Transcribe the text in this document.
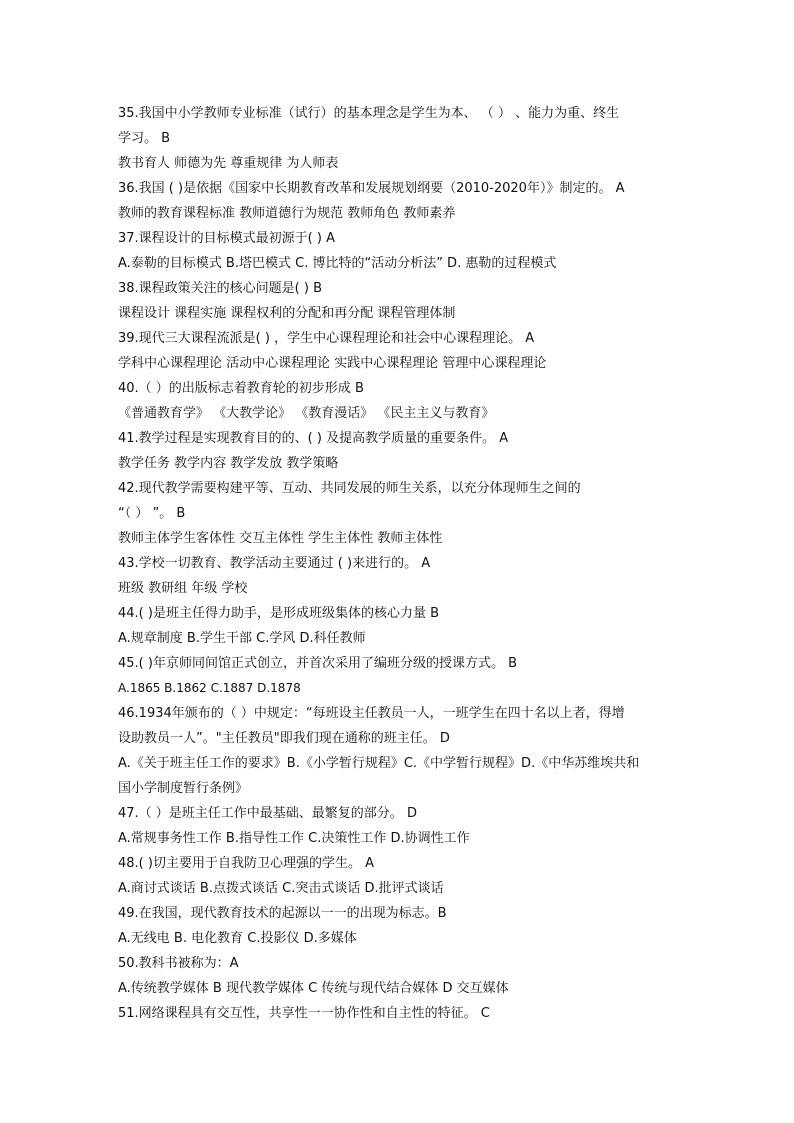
35.我国中小学教师专业标准（试行）的基本理念是学生为本、 （ ） 、能力为重、终生
学习。 B
教书育人 师德为先 尊重规律 为人师表
36.我国 ( )是依据《国家中长期教育改革和发展规划纲要（2010-2020年）》制定的。 A
教师的教育课程标准 教师道德行为规范 教师角色 教师素养
37.课程设计的目标模式最初源于( ) A
A.泰勒的目标模式 B.塔巴模式 C. 博比特的“活动分析法” D. 惠勒的过程模式
38.课程政策关注的核心问题是( ) B
课程设计 课程实施 课程权利的分配和再分配 课程管理体制
39.现代三大课程流派是( ) ，学生中心课程理论和社会中心课程理论。 A
学科中心课程理论 活动中心课程理论 实践中心课程理论 管理中心课程理论
40.（ ）的出版标志着教育轮的初步形成 B
《普通教育学》 《大教学论》 《教育漫话》 《民主主义与教育》
41.教学过程是实现教育目的的、( ) 及提高教学质量的重要条件。 A
教学任务 教学内容 教学发放 教学策略
42.现代教学需要构建平等、互动、共同发展的师生关系，以充分体现师生之间的
“（ ） ”。 B
教师主体学生客体性 交互主体性 学生主体性 教师主体性
43.学校一切教育、教学活动主要通过 ( )来进行的。 A
班级 教研组 年级 学校
44.( )是班主任得力助手，是形成班级集体的核心力量 B
A.规章制度 B.学生干部 C.学风 D.科任教师
45.( )年京师同间馆正式创立，并首次采用了编班分级的授课方式。 B
A.1865 B.1862 C.1887 D.1878
46.1934年颁布的（ ）中规定：“每班设主任教员一人，一班学生在四十名以上者，得增
设助教员一人”。"主任教员"即我们现在通称的班主任。 D
A.《关于班主任工作的要求》B.《小学暂行规程》C.《中学暂行规程》D.《中华苏维埃共和
国小学制度暂行条例》
47.（ ）是班主任工作中最基础、最繁复的部分。 D
A.常规事务性工作 B.指导性工作 C.决策性工作 D.协调性工作
48.( )切主要用于自我防卫心理强的学生。 A
A.商讨式谈话 B.点拨式谈话 C.突击式谈话 D.批评式谈话
49.在我国，现代教育技术的起源以一一的出现为标志。B
A.无线电 B. 电化教育 C.投影仪 D.多媒体
50.教科书被称为：A
A.传统教学媒体 B 现代教学媒体 C 传统与现代结合媒体 D 交互媒体
51.网络课程具有交互性，共享性一一协作性和自主性的特征。 C
